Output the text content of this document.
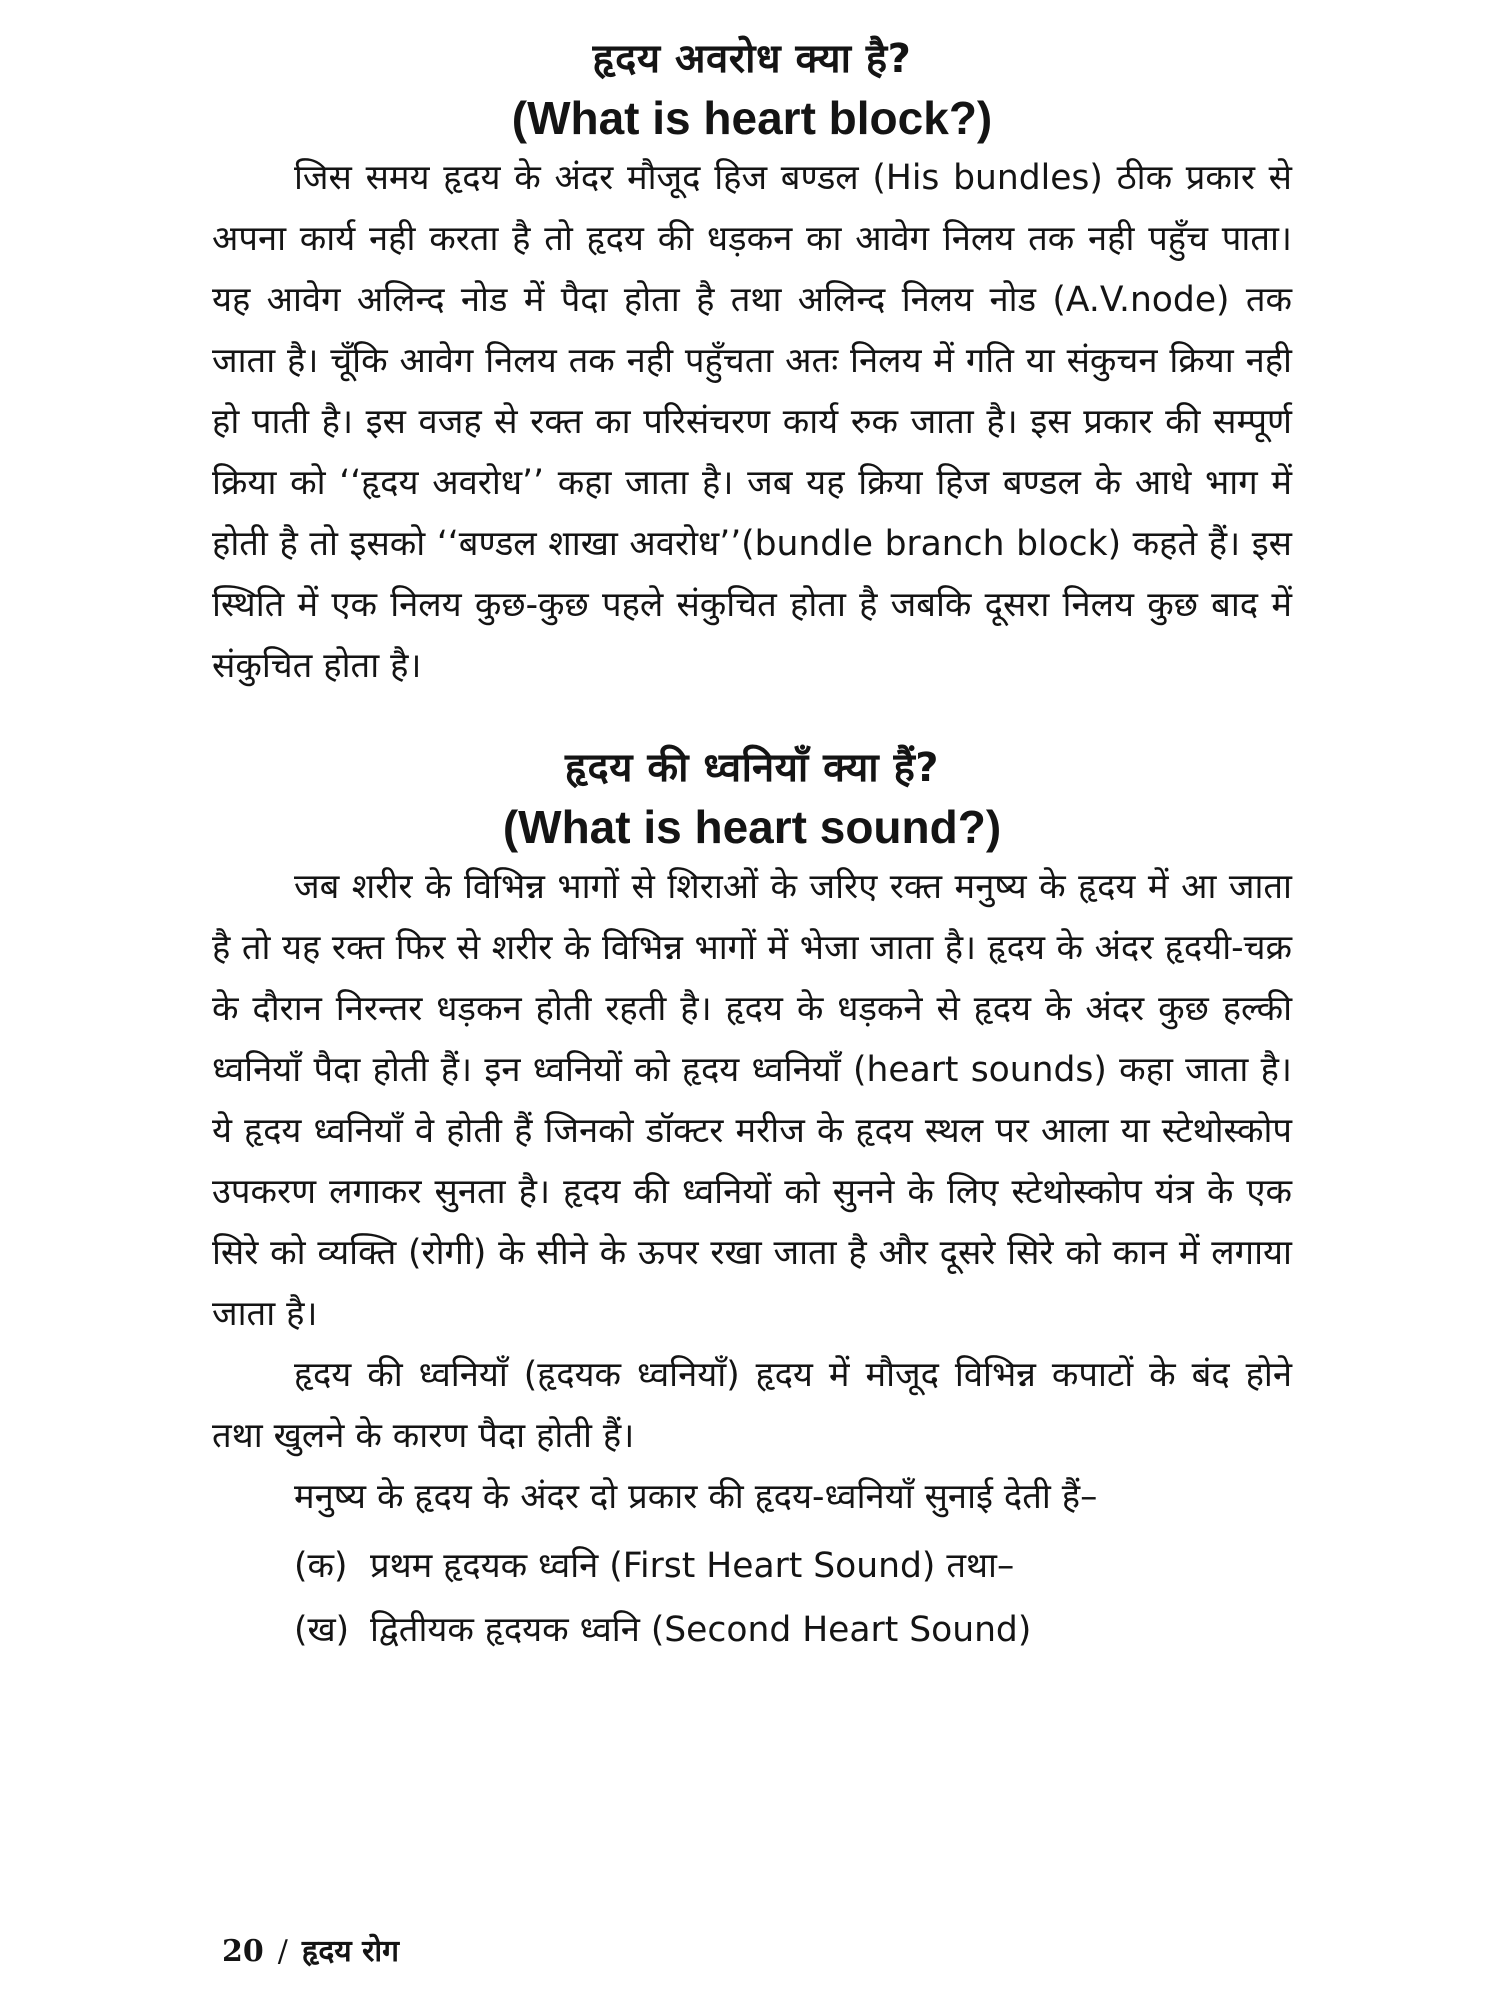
हृदय अवरोध क्या है?
(What is heart block?)

जिस समय हृदय के अंदर मौजूद हिज बण्डल (His bundles) ठीक प्रकार से अपना कार्य नही करता है तो हृदय की धड़कन का आवेग निलय तक नही पहुँच पाता। यह आवेग अलिन्द नोड में पैदा होता है तथा अलिन्द निलय नोड (A.V.node) तक जाता है। चूँकि आवेग निलय तक नही पहुँचता अतः निलय में गति या संकुचन क्रिया नही हो पाती है। इस वजह से रक्त का परिसंचरण कार्य रुक जाता है। इस प्रकार की सम्पूर्ण क्रिया को ‘‘हृदय अवरोध’’ कहा जाता है। जब यह क्रिया हिज बण्डल के आधे भाग में होती है तो इसको ‘‘बण्डल शाखा अवरोध’’(bundle branch block) कहते हैं। इस स्थिति में एक निलय कुछ-कुछ पहले संकुचित होता है जबकि दूसरा निलय कुछ बाद में संकुचित होता है।

हृदय की ध्वनियाँ क्या हैं?
(What is heart sound?)

जब शरीर के विभिन्न भागों से शिराओं के जरिए रक्त मनुष्य के हृदय में आ जाता है तो यह रक्त फिर से शरीर के विभिन्न भागों में भेजा जाता है। हृदय के अंदर हृदयी-चक्र के दौरान निरन्तर धड़कन होती रहती है। हृदय के धड़कने से हृदय के अंदर कुछ हल्की ध्वनियाँ पैदा होती हैं। इन ध्वनियों को हृदय ध्वनियाँ (heart sounds) कहा जाता है। ये हृदय ध्वनियाँ वे होती हैं जिनको डॉक्टर मरीज के हृदय स्थल पर आला या स्टेथोस्कोप उपकरण लगाकर सुनता है। हृदय की ध्वनियों को सुनने के लिए स्टेथोस्कोप यंत्र के एक सिरे को व्यक्ति (रोगी) के सीने के ऊपर रखा जाता है और दूसरे सिरे को कान में लगाया जाता है।

हृदय की ध्वनियाँ (हृदयक ध्वनियाँ) हृदय में मौजूद विभिन्न कपाटों के बंद होने तथा खुलने के कारण पैदा होती हैं।

मनुष्य के हृदय के अंदर दो प्रकार की हृदय-ध्वनियाँ सुनाई देती हैं–

(क) प्रथम हृदयक ध्वनि (First Heart Sound) तथा–
(ख) द्वितीयक हृदयक ध्वनि (Second Heart Sound)
20 / हृदय रोग
